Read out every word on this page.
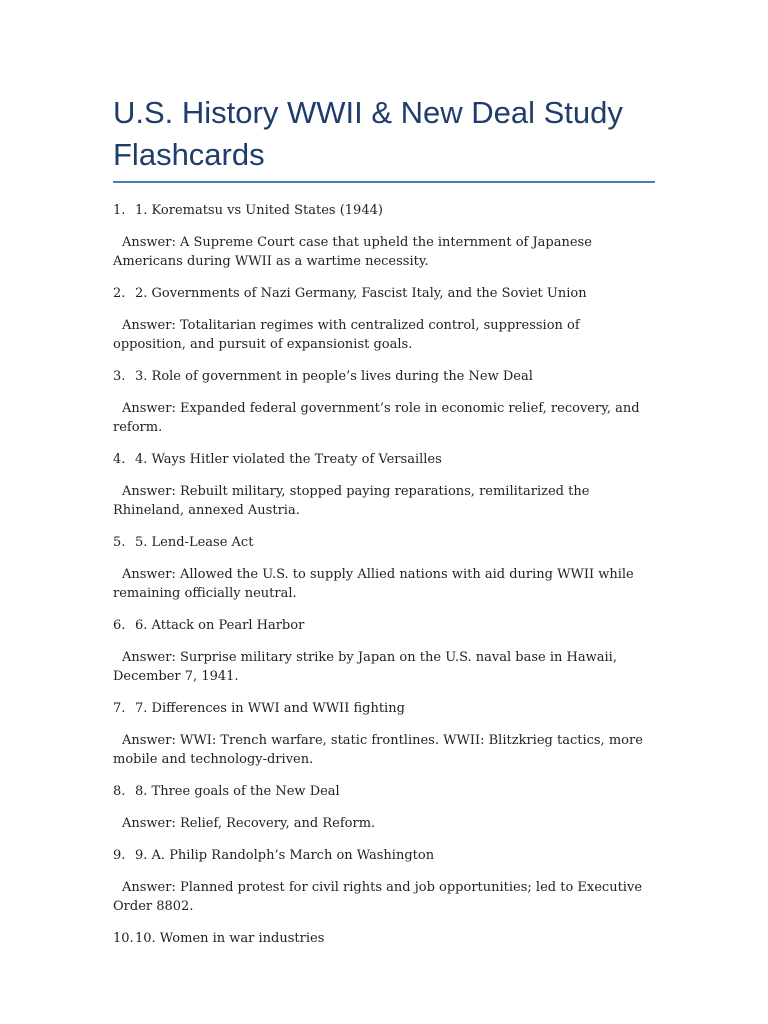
U.S. History WWII & New Deal Study Flashcards
1. 1. Korematsu vs United States (1944)
Answer: A Supreme Court case that upheld the internment of Japanese Americans during WWII as a wartime necessity.
2. 2. Governments of Nazi Germany, Fascist Italy, and the Soviet Union
Answer: Totalitarian regimes with centralized control, suppression of opposition, and pursuit of expansionist goals.
3. 3. Role of government in people’s lives during the New Deal
Answer: Expanded federal government’s role in economic relief, recovery, and reform.
4. 4. Ways Hitler violated the Treaty of Versailles
Answer: Rebuilt military, stopped paying reparations, remilitarized the Rhineland, annexed Austria.
5. 5. Lend-Lease Act
Answer: Allowed the U.S. to supply Allied nations with aid during WWII while remaining officially neutral.
6. 6. Attack on Pearl Harbor
Answer: Surprise military strike by Japan on the U.S. naval base in Hawaii, December 7, 1941.
7. 7. Differences in WWI and WWII fighting
Answer: WWI: Trench warfare, static frontlines. WWII: Blitzkrieg tactics, more mobile and technology-driven.
8. 8. Three goals of the New Deal
Answer: Relief, Recovery, and Reform.
9. 9. A. Philip Randolph’s March on Washington
Answer: Planned protest for civil rights and job opportunities; led to Executive Order 8802.
10. 10. Women in war industries
